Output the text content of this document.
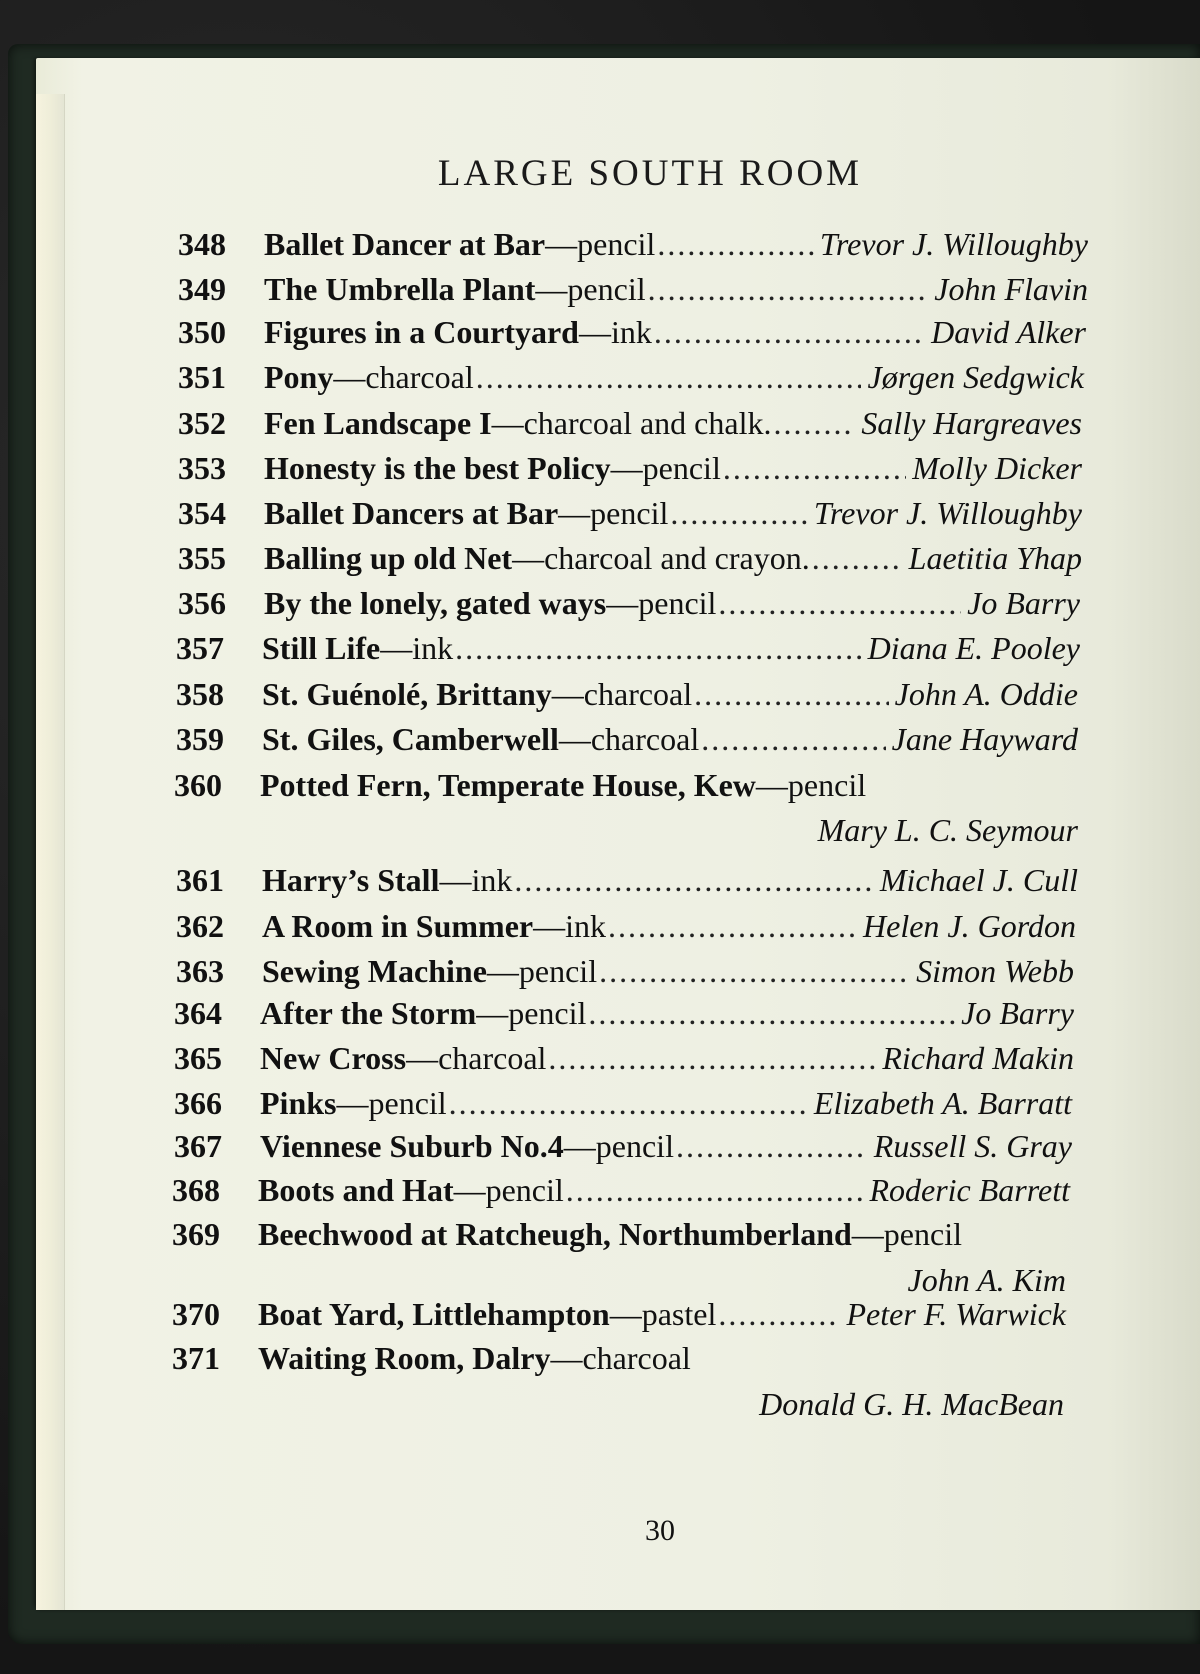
LARGE SOUTH ROOM
348	Ballet Dancer at Bar—pencil . . .	Trevor J. Willoughby
349	The Umbrella Plant—pencil . . .	John Flavin
350	Figures in a Courtyard—ink . . .	David Alker
351	Pony—charcoal . . .	Jørgen Sedgwick
352	Fen Landscape I—charcoal and chalk. . . .	Sally Hargreaves
353	Honesty is the best Policy—pencil . . .	Molly Dicker
354	Ballet Dancers at Bar—pencil . . .	Trevor J. Willoughby
355	Balling up old Net—charcoal and crayon. . . .	Laetitia Yhap
356	By the lonely, gated ways—pencil . . .	Jo Barry
357	Still Life—ink . . .	Diana E. Pooley
358	St. Guénolé, Brittany—charcoal . . .	John A. Oddie
359	St. Giles, Camberwell—charcoal . . .	Jane Hayward
360	Potted Fern, Temperate House, Kew—pencil
Mary L. C. Seymour
361	Harry’s Stall—ink . . .	Michael J. Cull
362	A Room in Summer—ink . . .	Helen J. Gordon
363	Sewing Machine—pencil . . .	Simon Webb
364	After the Storm—pencil . . .	Jo Barry
365	New Cross—charcoal . . .	Richard Makin
366	Pinks—pencil . . .	Elizabeth A. Barratt
367	Viennese Suburb No.4—pencil . . .	Russell S. Gray
368	Boots and Hat—pencil . . .	Roderic Barrett
369	Beechwood at Ratcheugh, Northumberland—pencil
John A. Kim
370	Boat Yard, Littlehampton—pastel . . .	Peter F. Warwick
371	Waiting Room, Dalry—charcoal
Donald G. H. MacBean
30
